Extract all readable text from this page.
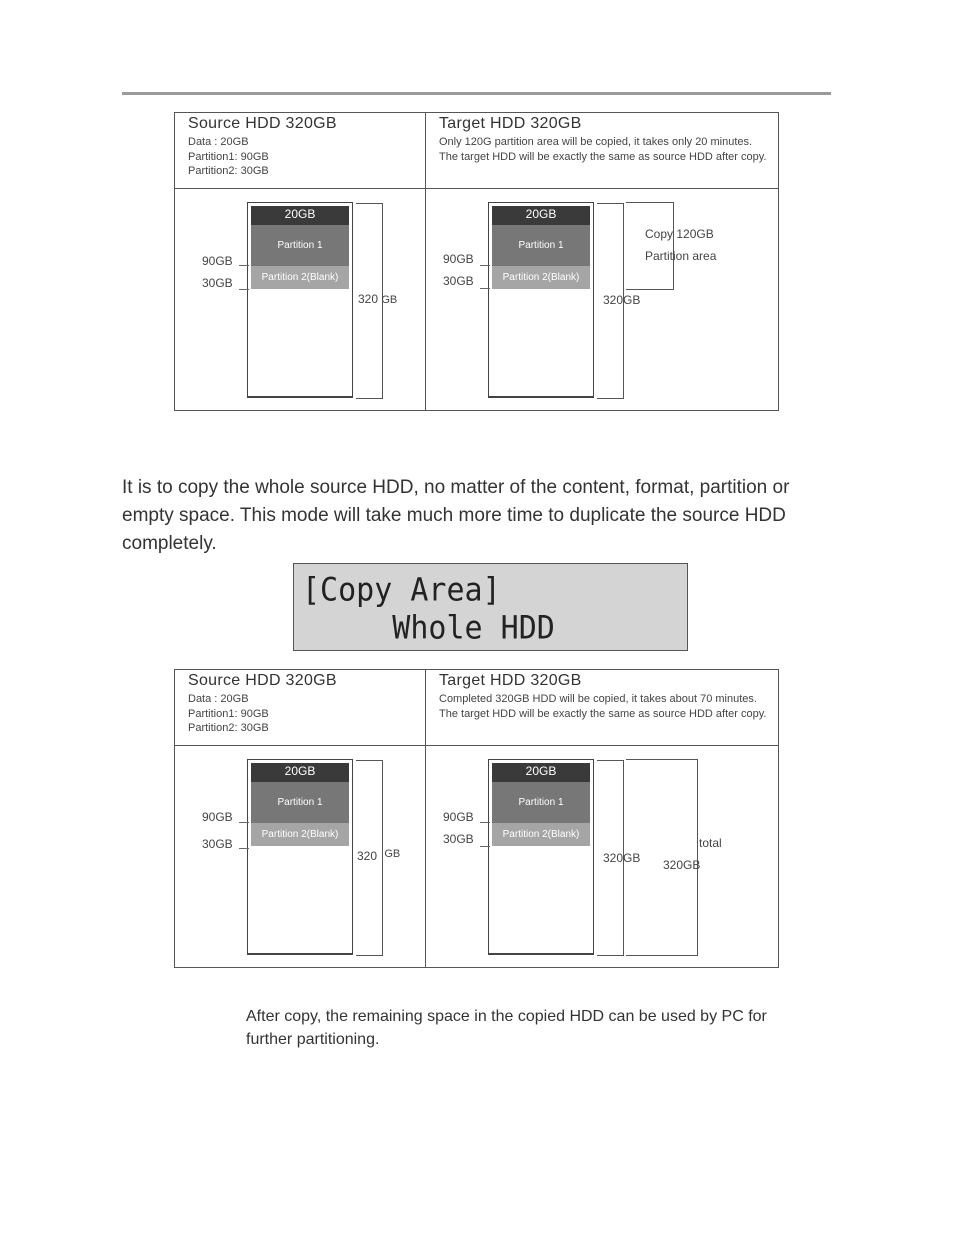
Source HDD 320GB
Data : 20GB
Partition1: 90GB
Partition2: 30GB
Target HDD 320GB
Only 120G partition area will be copied, it takes only 20 minutes. The target HDD will be exactly the same as source HDD after copy.
20GB
Partition 1
Partition 2(Blank)
90GB
30GB
320 GB
20GB
Partition 1
Partition 2(Blank)
90GB
30GB
320GB
Copy 120GB
Partition area
It is to copy the whole source HDD, no matter of the content, format, partition or empty space. This mode will take much more time to duplicate the source HDD completely.
[Copy Area]
Whole HDD
Source HDD 320GB
Data : 20GB
Partition1: 90GB
Partition2: 30GB
Target HDD 320GB
Completed 320GB HDD will be copied, it takes about 70 minutes. The target HDD will be exactly the same as source HDD after copy.
20GB
Partition 1
Partition 2(Blank)
90GB
30GB
320 GB
20GB
Partition 1
Partition 2(Blank)
90GB
30GB
320GB
total
320GB
After copy, the remaining space in the copied HDD can be used by PC for further partitioning.
